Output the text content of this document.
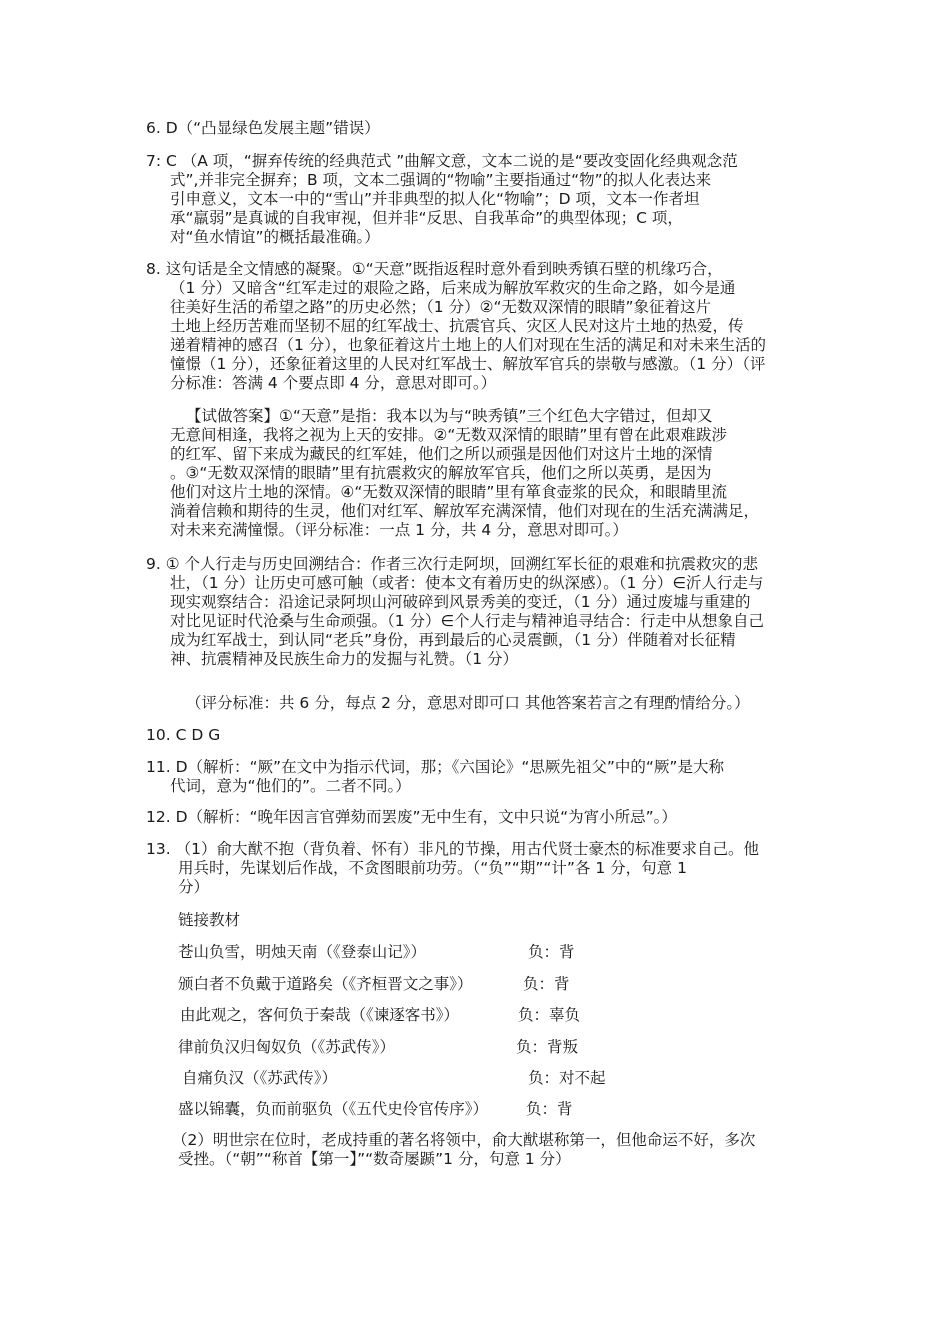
6. D（“凸显绿色发展主题”错误）
7: C （A 项，“摒弃传统的经典范式 ”曲解文意，文本二说的是“要改变固化经典观念范
式”,并非完全摒弃；B 项，文本二强调的“物喻”主要指通过“物”的拟人化表达来
引申意义，文本一中的“雪山”并非典型的拟人化“物喻”；D 项，文本一作者坦
承“羸弱”是真诚的自我审视，但并非“反思、自我革命”的典型体现；C 项，
对“鱼水情谊”的概括最准确。）
8. 这句话是全文情感的凝聚。①“天意”既指返程时意外看到映秀镇石壁的机缘巧合，
（1 分）又暗含“红军走过的艰险之路，后来成为解放军救灾的生命之路，如今是通
往美好生活的希望之路”的历史必然；（1 分）②“无数双深情的眼睛”象征着这片
土地上经历苦难而坚韧不屈的红军战士、抗震官兵、灾区人民对这片土地的热爱，传
递着精神的感召（1 分），也象征着这片土地上的人们对现在生活的满足和对未来生活的
憧憬（1 分），还象征着这里的人民对红军战士、解放军官兵的崇敬与感激。（1 分）（评
分标准：答满 4 个要点即 4 分，意思对即可。）
【试做答案】①“天意”是指：我本以为与“映秀镇”三个红色大字错过，但却又
无意间相逢，我将之视为上天的安排。②“无数双深情的眼睛”里有曾在此艰难跋涉
的红军、留下来成为藏民的红军娃，他们之所以顽强是因他们对这片土地的深情
。③“无数双深情的眼睛”里有抗震救灾的解放军官兵，他们之所以英勇，是因为
他们对这片土地的深情。④“无数双深情的眼睛”里有箪食壶浆的民众，和眼睛里流
淌着信赖和期待的生灵，他们对红军、解放军充满深情，他们对现在的生活充满满足，
对未来充满憧憬。（评分标准：一点 1 分，共 4 分，意思对即可。）
9. ① 个人行走与历史回溯结合：作者三次行走阿坝，回溯红军长征的艰难和抗震救灾的悲
壮，（1 分）让历史可感可触（或者：使本文有着历史的纵深感）。（1 分）∈沂人行走与
现实观察结合：沿途记录阿坝山河破碎到风景秀美的变迁，（1 分）通过废墟与重建的
对比见证时代沧桑与生命顽强。（1 分）∈个人行走与精神追寻结合：行走中从想象自己
成为红军战士，到认同“老兵”身份，再到最后的心灵震颤，（1 分）伴随着对长征精
神、抗震精神及民族生命力的发掘与礼赞。（1 分）
（评分标准：共 6 分，每点 2 分，意思对即可口 其他答案若言之有理酌情给分。）
10. C D G
11. D（解析：“厥”在文中为指示代词，那；《六国论》“思厥先祖父”中的“厥”是大称
代词，意为“他们的”。二者不同。）
12. D（解析：“晚年因言官弹劾而罢废”无中生有，文中只说“为宵小所忌”。）
13. （1）俞大猷不抱（背负着、怀有）非凡的节操，用古代贤士豪杰的标准要求自己。他
用兵时，先谋划后作战，不贪图眼前功劳。（“负”“期”“计”各 1 分，句意 1
分）
链接教材
苍山负雪，明烛天南（《登泰山记》）	负：背
颁白者不负戴于道路矣（《齐桓晋文之事》）	负：背
由此观之，客何负于秦哉（《谏逐客书》）	负：辜负
律前负汉归匈奴负（《苏武传》）	负：背叛
自痛负汉（《苏武传》）	负：对不起
盛以锦囊，负而前驱负（《五代史伶官传序》） 负：背
（2）明世宗在位时，老成持重的著名将领中，俞大猷堪称第一，但他命运不好，多次
受挫。（“朝”“称首【第一】”“数奇屡踬”1 分，句意 1 分）
